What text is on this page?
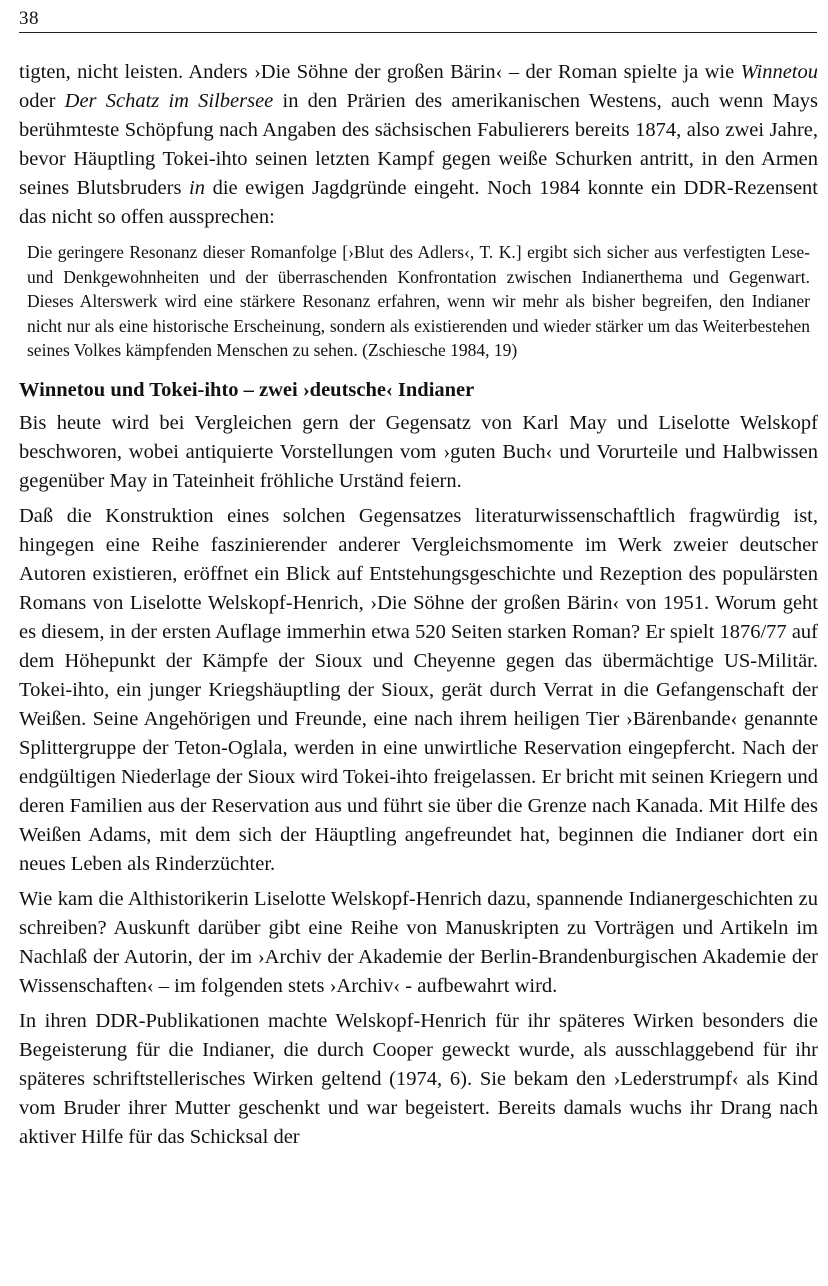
38

tigten, nicht leisten. Anders ›Die Söhne der großen Bärin‹ – der Roman spielte ja wie Winnetou oder Der Schatz im Silbersee in den Prärien des amerikanischen Westens, auch wenn Mays berühmteste Schöpfung nach Angaben des sächsischen Fabulierers bereits 1874, also zwei Jahre, bevor Häuptling Tokei-ihto seinen letzten Kampf gegen weiße Schurken antritt, in den Armen seines Blutsbruders in die ewigen Jagdgründe eingeht. Noch 1984 konnte ein DDR-Rezensent das nicht so offen aussprechen:

Die geringere Resonanz dieser Romanfolge [›Blut des Adlers‹, T. K.] ergibt sich sicher aus verfestigten Lese- und Denkgewohnheiten und der überraschenden Konfrontation zwischen Indianerthema und Gegenwart. Dieses Alterswerk wird eine stärkere Resonanz erfahren, wenn wir mehr als bisher begreifen, den Indianer nicht nur als eine historische Erscheinung, sondern als existierenden und wieder stärker um das Weiterbestehen seines Volkes kämpfenden Menschen zu sehen. (Zschiesche 1984, 19)

Winnetou und Tokei-ihto – zwei ›deutsche‹ Indianer

Bis heute wird bei Vergleichen gern der Gegensatz von Karl May und Liselotte Welskopf beschworen, wobei antiquierte Vorstellungen vom ›guten Buch‹ und Vorurteile und Halbwissen gegenüber May in Tateinheit fröhliche Urständ feiern.

Daß die Konstruktion eines solchen Gegensatzes literaturwissenschaftlich fragwürdig ist, hingegen eine Reihe faszinierender anderer Vergleichsmomente im Werk zweier deutscher Autoren existieren, eröffnet ein Blick auf Entstehungsgeschichte und Rezeption des populärsten Romans von Liselotte Welskopf-Henrich, ›Die Söhne der großen Bärin‹ von 1951. Worum geht es diesem, in der ersten Auflage immerhin etwa 520 Seiten starken Roman? Er spielt 1876/77 auf dem Höhepunkt der Kämpfe der Sioux und Cheyenne gegen das übermächtige US-Militär. Tokei-ihto, ein junger Kriegshäuptling der Sioux, gerät durch Verrat in die Gefangenschaft der Weißen. Seine Angehörigen und Freunde, eine nach ihrem heiligen Tier ›Bärenbande‹ genannte Splittergruppe der Teton-Oglala, werden in eine unwirtliche Reservation eingepfercht. Nach der endgültigen Niederlage der Sioux wird Tokei-ihto freigelassen. Er bricht mit seinen Kriegern und deren Familien aus der Reservation aus und führt sie über die Grenze nach Kanada. Mit Hilfe des Weißen Adams, mit dem sich der Häuptling angefreundet hat, beginnen die Indianer dort ein neues Leben als Rinderzüchter.

Wie kam die Althistorikerin Liselotte Welskopf-Henrich dazu, spannende Indianergeschichten zu schreiben? Auskunft darüber gibt eine Reihe von Manuskripten zu Vorträgen und Artikeln im Nachlaß der Autorin, der im ›Archiv der Akademie der Berlin-Brandenburgischen Akademie der Wissenschaften‹ – im folgenden stets ›Archiv‹ - aufbewahrt wird.

In ihren DDR-Publikationen machte Welskopf-Henrich für ihr späteres Wirken besonders die Begeisterung für die Indianer, die durch Cooper geweckt wurde, als ausschlaggebend für ihr späteres schriftstellerisches Wirken geltend (1974, 6). Sie bekam den ›Lederstrumpf‹ als Kind vom Bruder ihrer Mutter geschenkt und war begeistert. Bereits damals wuchs ihr Drang nach aktiver Hilfe für das Schicksal der
